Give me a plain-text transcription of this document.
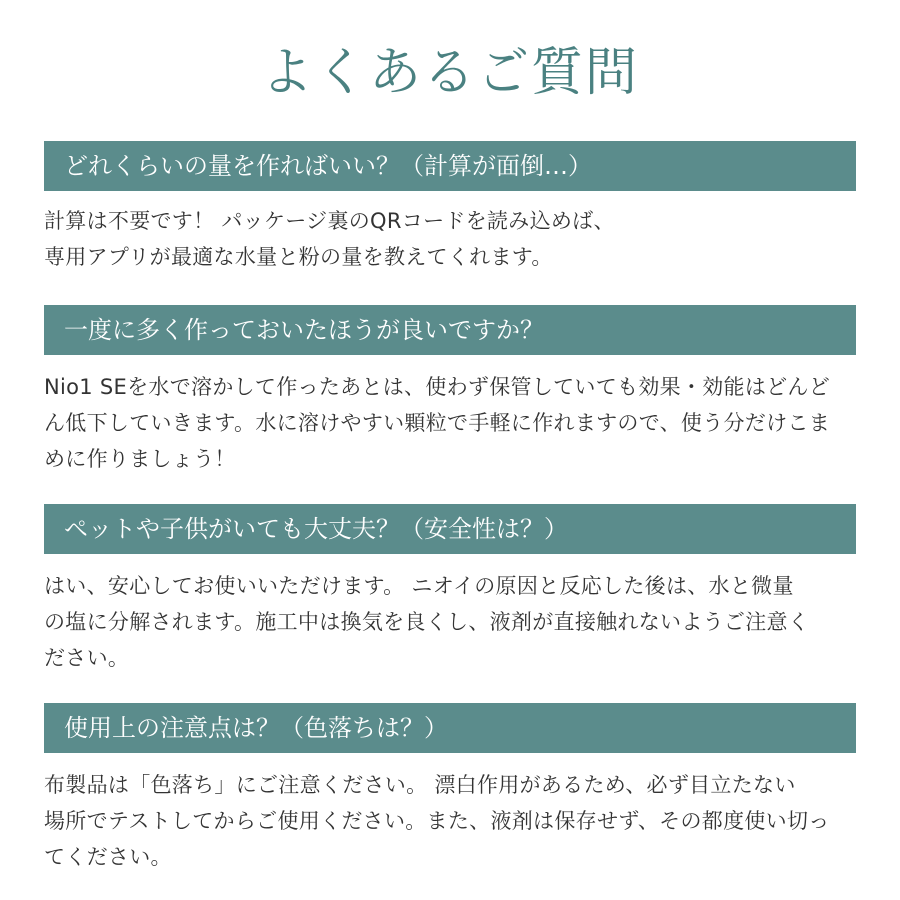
よくあるご質問
どれくらいの量を作ればいい？（計算が面倒…）
計算は不要です！ パッケージ裏のQRコードを読み込めば、
専用アプリが最適な水量と粉の量を教えてくれます。
一度に多く作っておいたほうが良いですか？
Nio1 SEを水で溶かして作ったあとは、使わず保管していても効果・効能はどんど
ん低下していきます。水に溶けやすい顆粒で手軽に作れますので、使う分だけこま
めに作りましょう！
ペットや子供がいても大丈夫？（安全性は？）
はい、安心してお使いいただけます。 ニオイの原因と反応した後は、水と微量
の塩に分解されます。施工中は換気を良くし、液剤が直接触れないようご注意く
ださい。
使用上の注意点は？（色落ちは？）
布製品は「色落ち」にご注意ください。 漂白作用があるため、必ず目立たない
場所でテストしてからご使用ください。また、液剤は保存せず、その都度使い切っ
てください。
